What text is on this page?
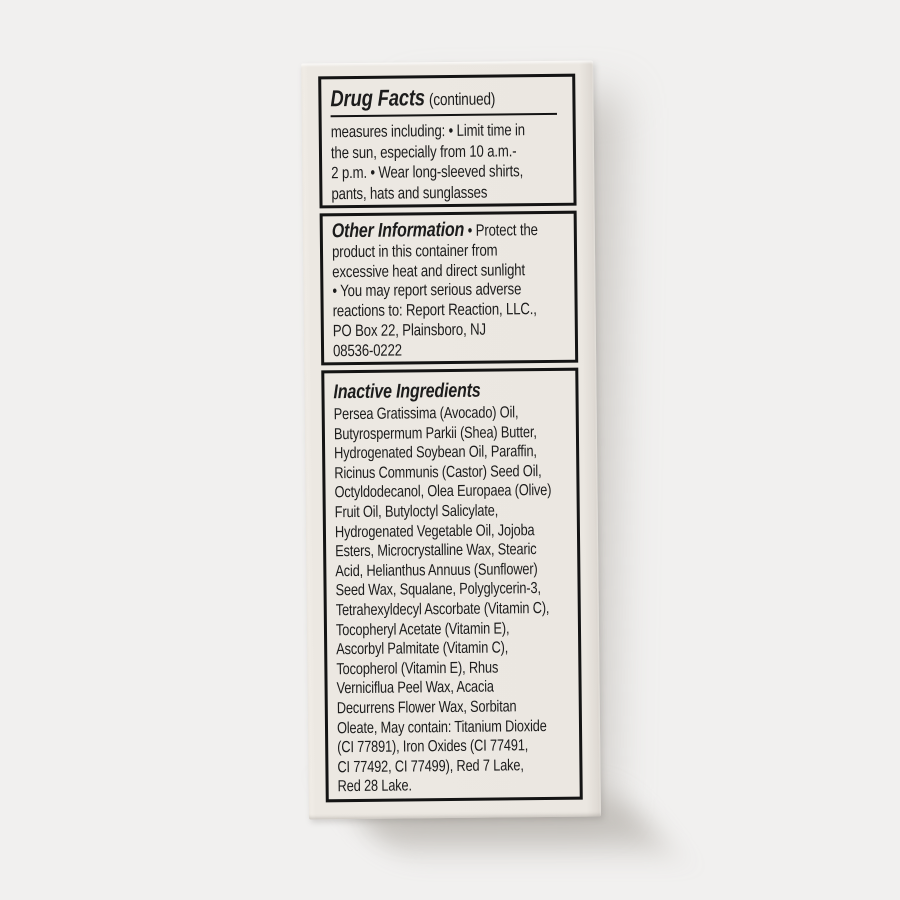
Drug Facts (continued)
measures including: • Limit time in
the sun, especially from 10 a.m.-
2 p.m. • Wear long-sleeved shirts,
pants, hats and sunglasses
Other Information • Protect the
product in this container from
excessive heat and direct sunlight
• You may report serious adverse
reactions to: Report Reaction, LLC.,
PO Box 22, Plainsboro, NJ
08536-0222
Inactive Ingredients
Persea Gratissima (Avocado) Oil,
Butyrospermum Parkii (Shea) Butter,
Hydrogenated Soybean Oil, Paraffin,
Ricinus Communis (Castor) Seed Oil,
Octyldodecanol, Olea Europaea (Olive)
Fruit Oil, Butyloctyl Salicylate,
Hydrogenated Vegetable Oil, Jojoba
Esters, Microcrystalline Wax, Stearic
Acid, Helianthus Annuus (Sunflower)
Seed Wax, Squalane, Polyglycerin-3,
Tetrahexyldecyl Ascorbate (Vitamin C),
Tocopheryl Acetate (Vitamin E),
Ascorbyl Palmitate (Vitamin C),
Tocopherol (Vitamin E), Rhus
Verniciflua Peel Wax, Acacia
Decurrens Flower Wax, Sorbitan
Oleate, May contain: Titanium Dioxide
(CI 77891), Iron Oxides (CI 77491,
CI 77492, CI 77499), Red 7 Lake,
Red 28 Lake.
